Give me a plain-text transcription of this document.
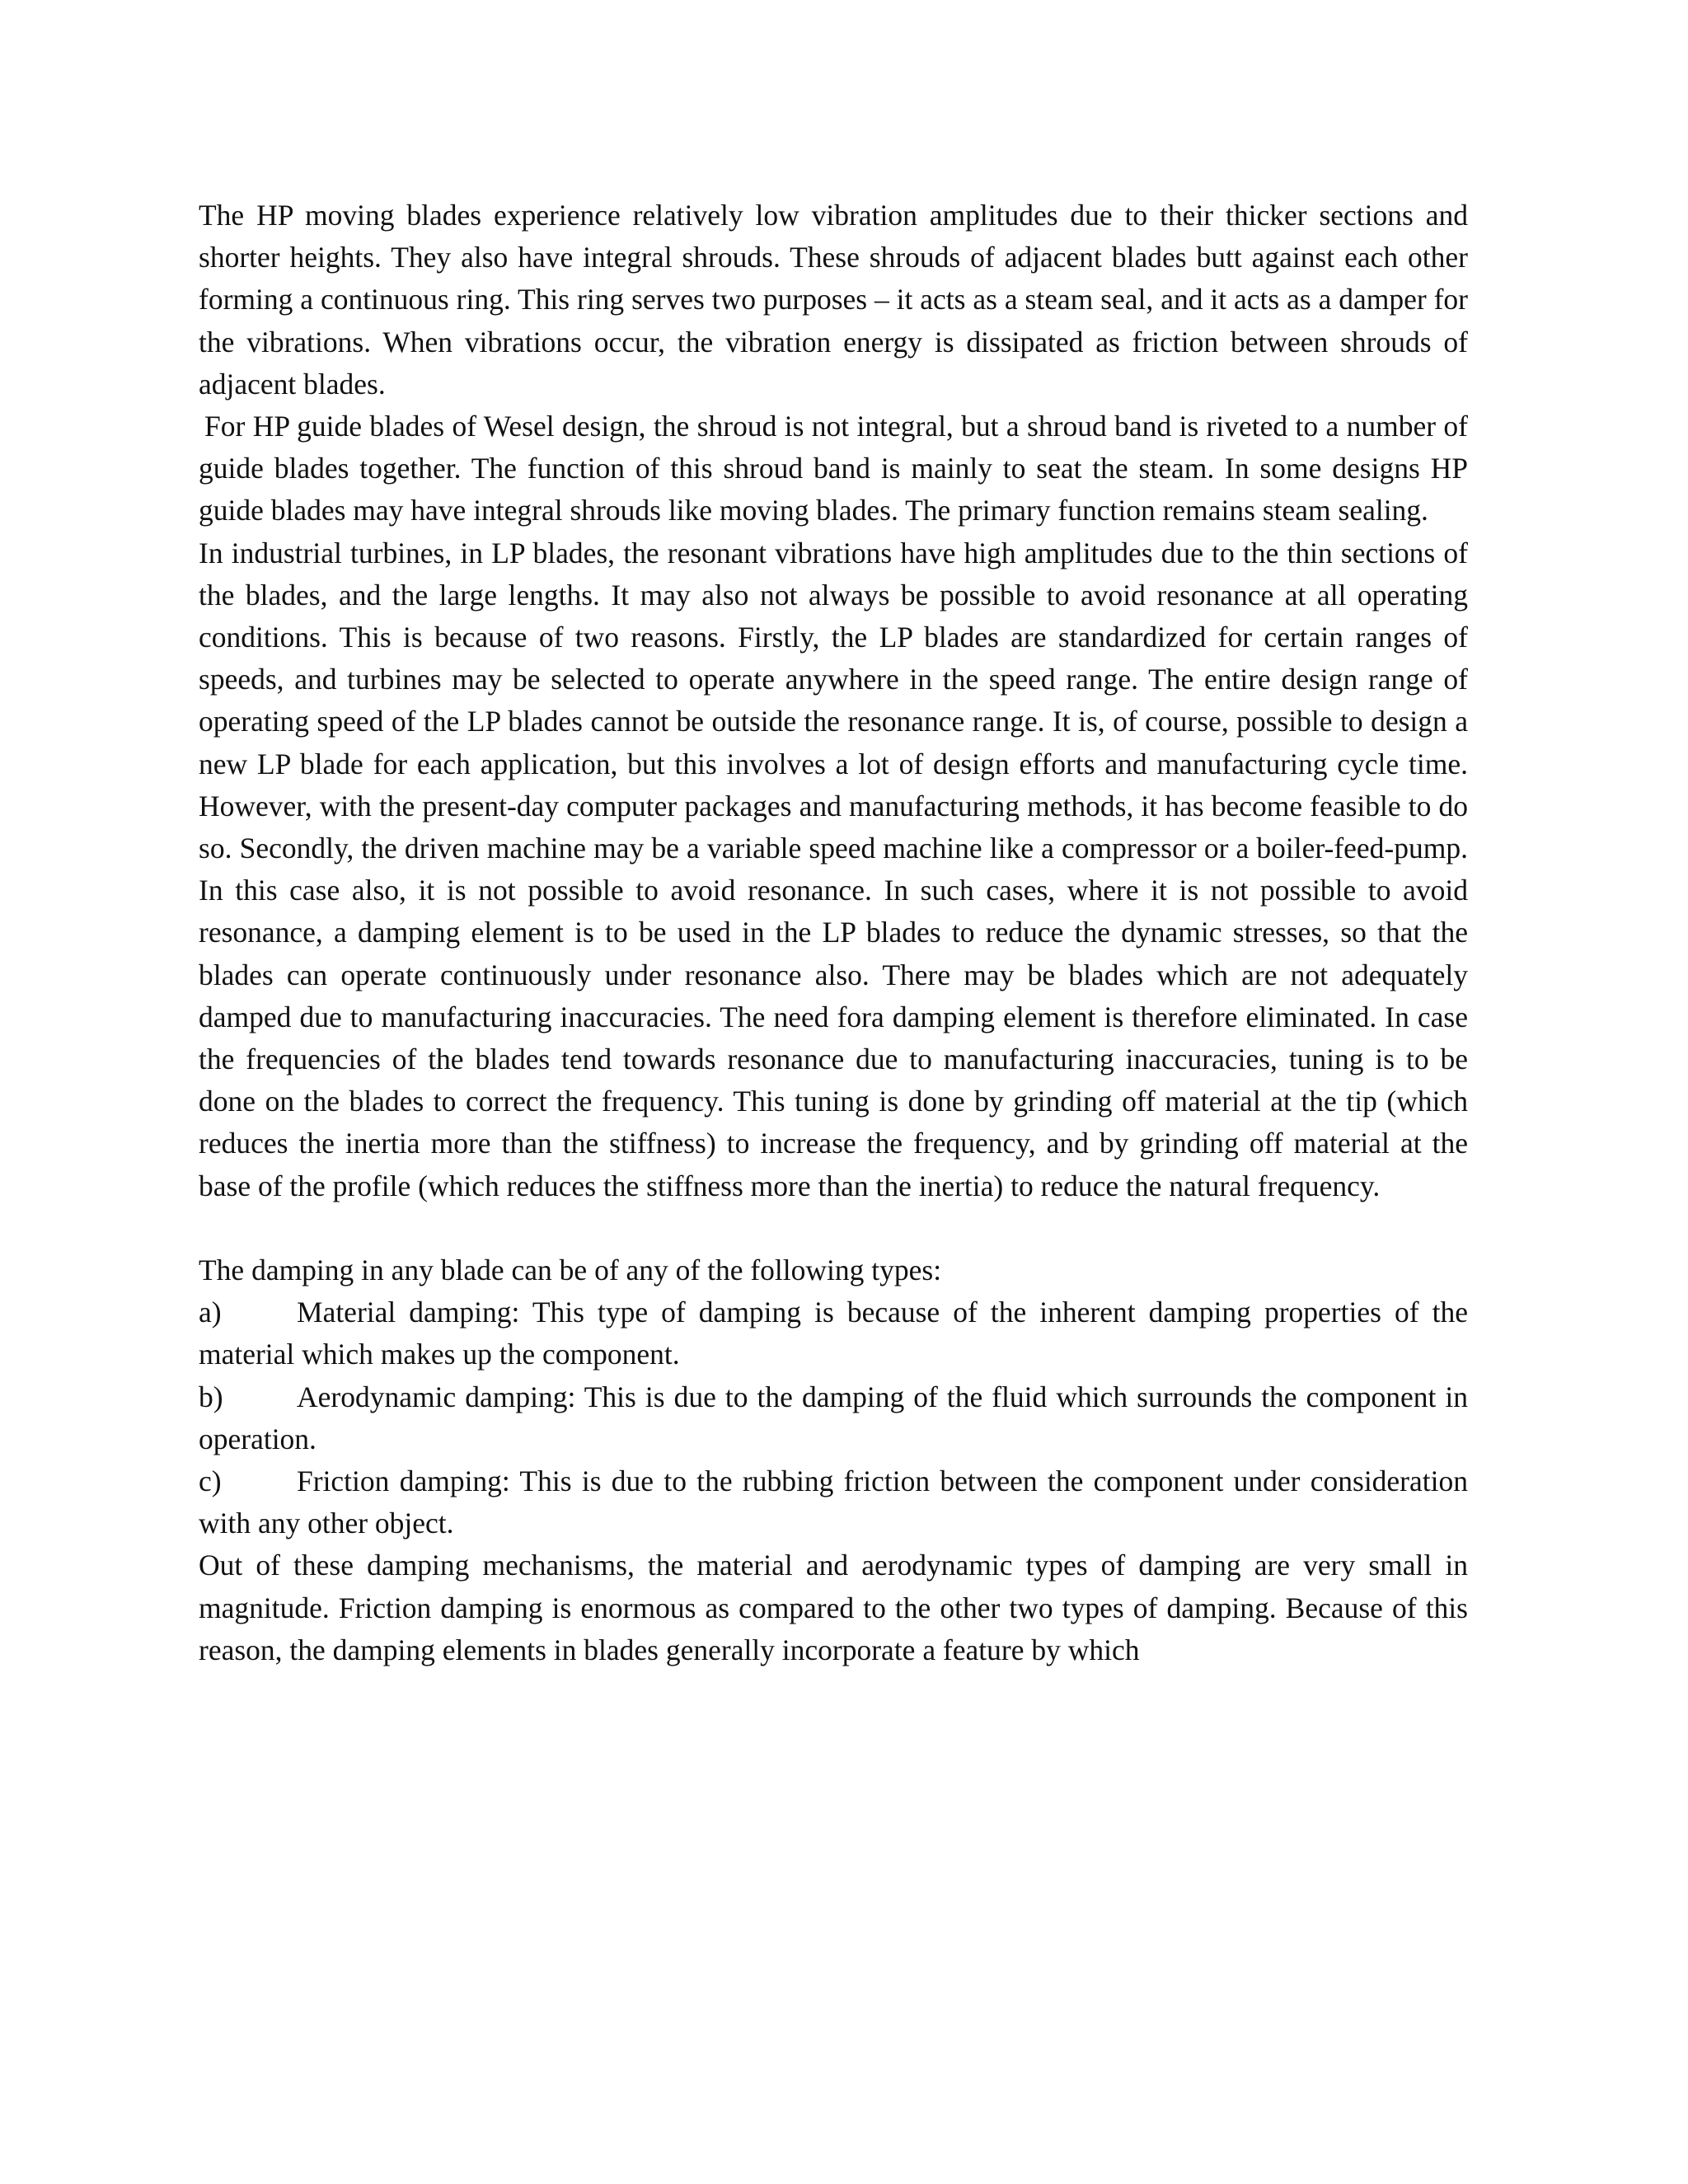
The HP moving blades experience relatively low vibration amplitudes due to their thicker sections and shorter heights. They also have integral shrouds. These shrouds of adjacent blades butt against each other forming a continuous ring. This ring serves two purposes – it acts as a steam seal, and it acts as a damper for the vibrations. When vibrations occur, the vibration energy is dissipated as friction between shrouds of adjacent blades.

For HP guide blades of Wesel design, the shroud is not integral, but a shroud band is riveted to a number of guide blades together. The function of this shroud band is mainly to seat the steam. In some designs HP guide blades may have integral shrouds like moving blades. The primary function remains steam sealing.

In industrial turbines, in LP blades, the resonant vibrations have high amplitudes due to the thin sections of the blades, and the large lengths. It may also not always be possible to avoid resonance at all operating conditions. This is because of two reasons. Firstly, the LP blades are standardized for certain ranges of speeds, and turbines may be selected to operate anywhere in the speed range. The entire design range of operating speed of the LP blades cannot be outside the resonance range. It is, of course, possible to design a new LP blade for each application, but this involves a lot of design efforts and manufacturing cycle time. However, with the present-day computer packages and manufacturing methods, it has become feasible to do so. Secondly, the driven machine may be a variable speed machine like a compressor or a boiler-feed-pump. In this case also, it is not possible to avoid resonance. In such cases, where it is not possible to avoid resonance, a damping element is to be used in the LP blades to reduce the dynamic stresses, so that the blades can operate continuously under resonance also. There may be blades which are not adequately damped due to manufacturing inaccuracies. The need fora damping element is therefore eliminated. In case the frequencies of the blades tend towards resonance due to manufacturing inaccuracies, tuning is to be done on the blades to correct the frequency. This tuning is done by grinding off material at the tip (which reduces the inertia more than the stiffness) to increase the frequency, and by grinding off material at the base of the profile (which reduces the stiffness more than the inertia) to reduce the natural frequency.

The damping in any blade can be of any of the following types:

a)	Material damping: This type of damping is because of the inherent damping properties of the material which makes up the component.

b)	Aerodynamic damping: This is due to the damping of the fluid which surrounds the component in operation.

c)	Friction damping: This is due to the rubbing friction between the component under consideration with any other object.

Out of these damping mechanisms, the material and aerodynamic types of damping are very small in magnitude. Friction damping is enormous as compared to the other two types of damping. Because of this reason, the damping elements in blades generally incorporate a feature by which
